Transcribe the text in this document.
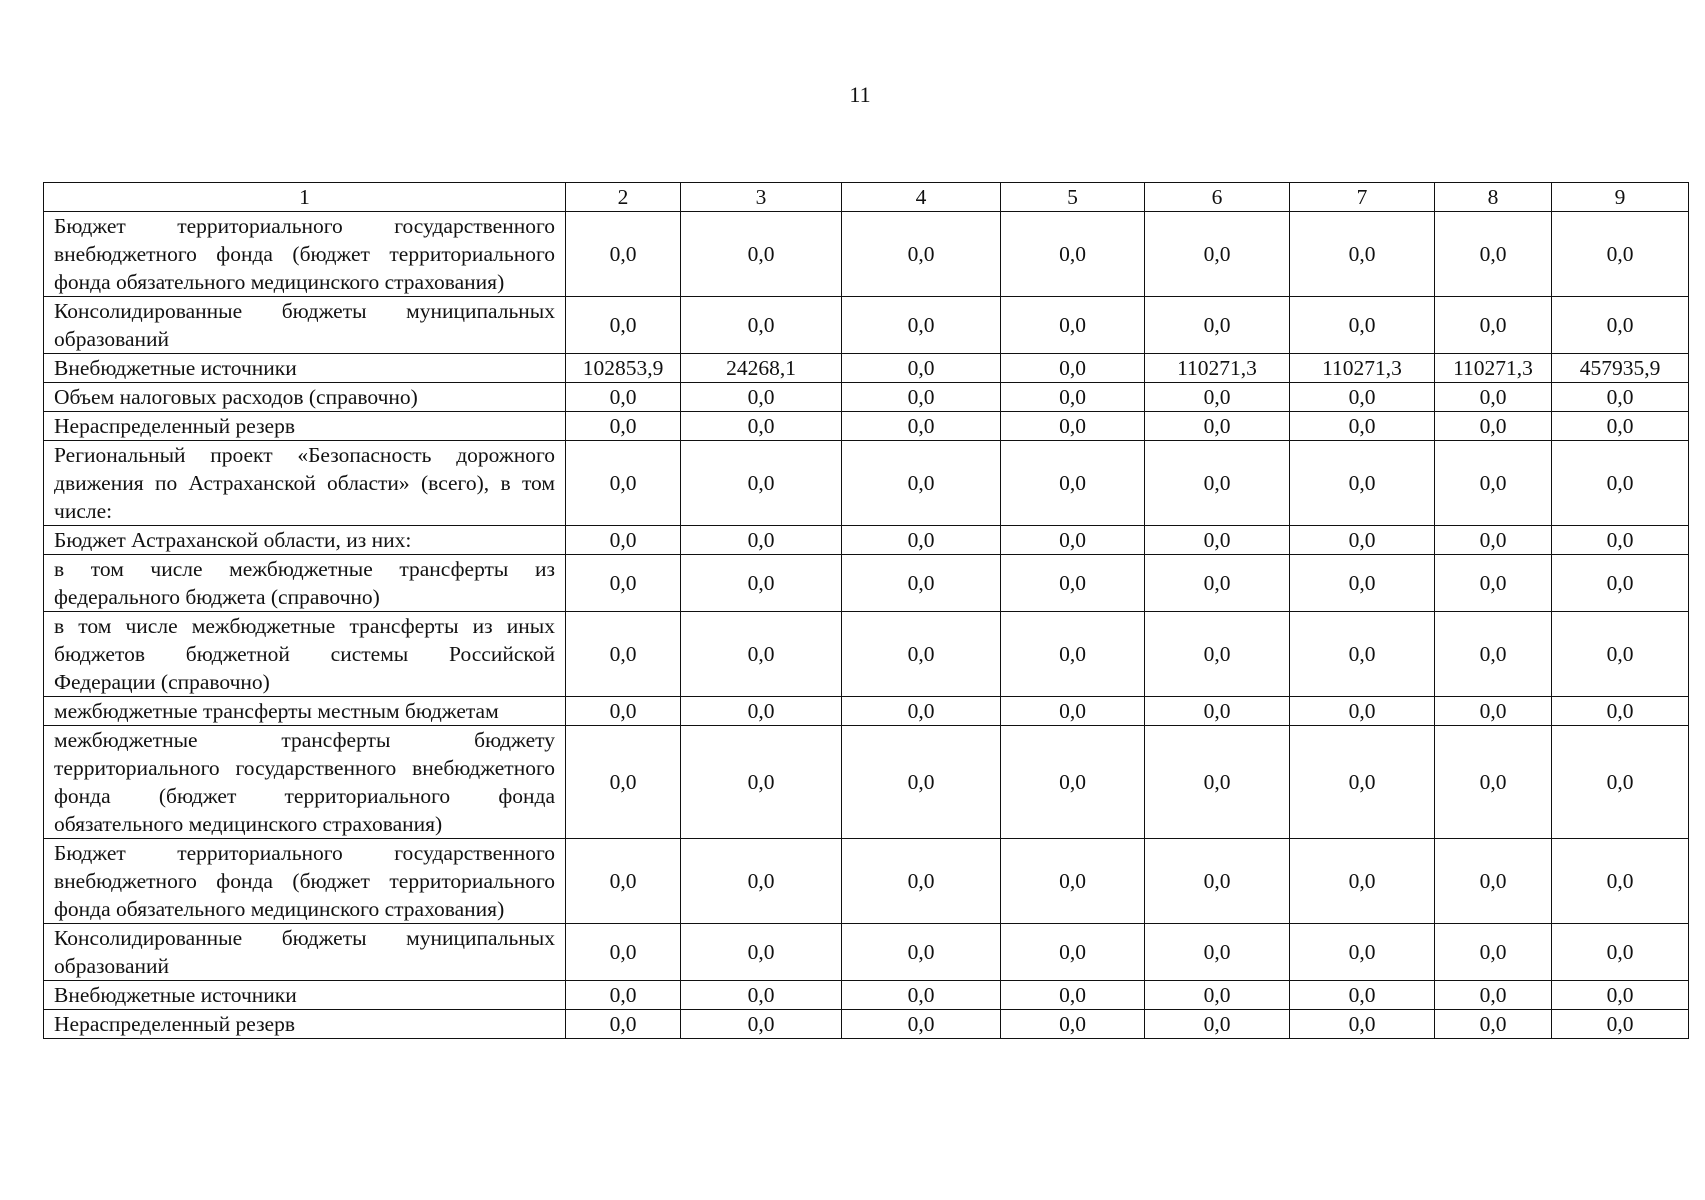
11
1	2	3	4	5	6	7	8	9
Бюджет территориального государственного внебюджетного фонда (бюджет территориального фонда обязательного медицинского страхования)	0,0	0,0	0,0	0,0	0,0	0,0	0,0	0,0
Консолидированные бюджеты муниципальных образований	0,0	0,0	0,0	0,0	0,0	0,0	0,0	0,0
Внебюджетные источники	102853,9	24268,1	0,0	0,0	110271,3	110271,3	110271,3	457935,9
Объем налоговых расходов (справочно)	0,0	0,0	0,0	0,0	0,0	0,0	0,0	0,0
Нераспределенный резерв	0,0	0,0	0,0	0,0	0,0	0,0	0,0	0,0
Региональный проект «Безопасность дорожного движения по Астраханской области» (всего), в том числе:	0,0	0,0	0,0	0,0	0,0	0,0	0,0	0,0
Бюджет Астраханской области, из них:	0,0	0,0	0,0	0,0	0,0	0,0	0,0	0,0
в том числе межбюджетные трансферты из федерального бюджета (справочно)	0,0	0,0	0,0	0,0	0,0	0,0	0,0	0,0
в том числе межбюджетные трансферты из иных бюджетов бюджетной системы Российской Федерации (справочно)	0,0	0,0	0,0	0,0	0,0	0,0	0,0	0,0
межбюджетные трансферты местным бюджетам	0,0	0,0	0,0	0,0	0,0	0,0	0,0	0,0
межбюджетные трансферты бюджету территориального государственного внебюджетного фонда (бюджет территориального фонда обязательного медицинского страхования)	0,0	0,0	0,0	0,0	0,0	0,0	0,0	0,0
Бюджет территориального государственного внебюджетного фонда (бюджет территориального фонда обязательного медицинского страхования)	0,0	0,0	0,0	0,0	0,0	0,0	0,0	0,0
Консолидированные бюджеты муниципальных образований	0,0	0,0	0,0	0,0	0,0	0,0	0,0	0,0
Внебюджетные источники	0,0	0,0	0,0	0,0	0,0	0,0	0,0	0,0
Нераспределенный резерв	0,0	0,0	0,0	0,0	0,0	0,0	0,0	0,0
